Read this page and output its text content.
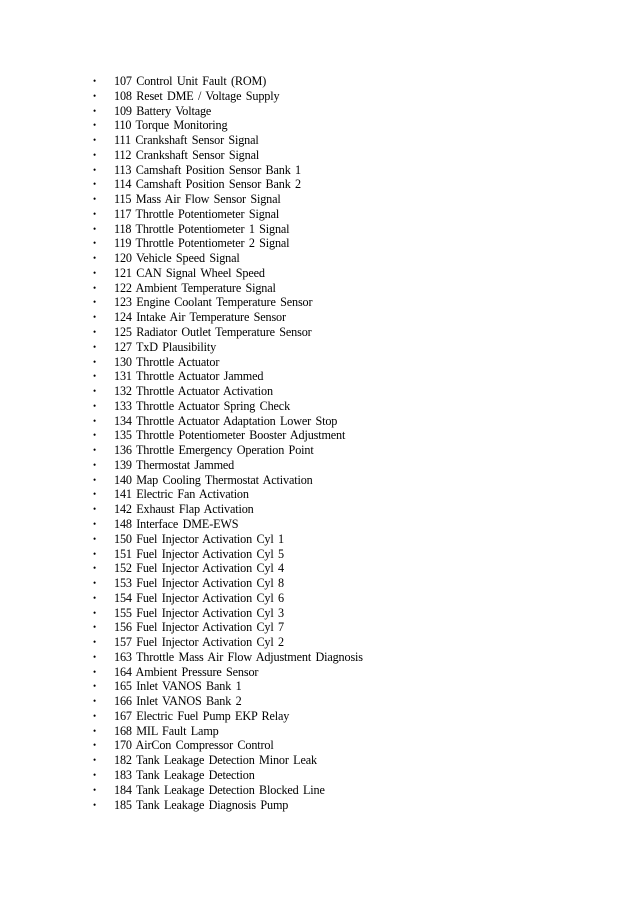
• 107 Control Unit Fault (ROM)
• 108 Reset DME / Voltage Supply
• 109 Battery Voltage
• 110 Torque Monitoring
• 111 Crankshaft Sensor Signal
• 112 Crankshaft Sensor Signal
• 113 Camshaft Position Sensor Bank 1
• 114 Camshaft Position Sensor Bank 2
• 115 Mass Air Flow Sensor Signal
• 117 Throttle Potentiometer Signal
• 118 Throttle Potentiometer 1 Signal
• 119 Throttle Potentiometer 2 Signal
• 120 Vehicle Speed Signal
• 121 CAN Signal Wheel Speed
• 122 Ambient Temperature Signal
• 123 Engine Coolant Temperature Sensor
• 124 Intake Air Temperature Sensor
• 125 Radiator Outlet Temperature Sensor
• 127 TxD Plausibility
• 130 Throttle Actuator
• 131 Throttle Actuator Jammed
• 132 Throttle Actuator Activation
• 133 Throttle Actuator Spring Check
• 134 Throttle Actuator Adaptation Lower Stop
• 135 Throttle Potentiometer Booster Adjustment
• 136 Throttle Emergency Operation Point
• 139 Thermostat Jammed
• 140 Map Cooling Thermostat Activation
• 141 Electric Fan Activation
• 142 Exhaust Flap Activation
• 148 Interface DME-EWS
• 150 Fuel Injector Activation Cyl 1
• 151 Fuel Injector Activation Cyl 5
• 152 Fuel Injector Activation Cyl 4
• 153 Fuel Injector Activation Cyl 8
• 154 Fuel Injector Activation Cyl 6
• 155 Fuel Injector Activation Cyl 3
• 156 Fuel Injector Activation Cyl 7
• 157 Fuel Injector Activation Cyl 2
• 163 Throttle Mass Air Flow Adjustment Diagnosis
• 164 Ambient Pressure Sensor
• 165 Inlet VANOS Bank 1
• 166 Inlet VANOS Bank 2
• 167 Electric Fuel Pump EKP Relay
• 168 MIL Fault Lamp
• 170 AirCon Compressor Control
• 182 Tank Leakage Detection Minor Leak
• 183 Tank Leakage Detection
• 184 Tank Leakage Detection Blocked Line
• 185 Tank Leakage Diagnosis Pump
